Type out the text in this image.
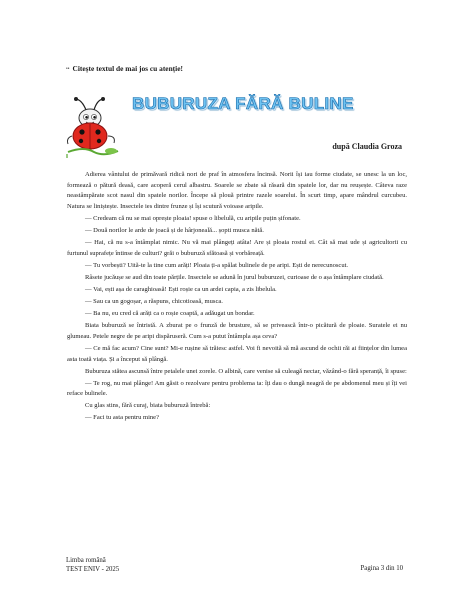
•• Citește textul de mai jos cu atenție!
BUBURUZA FĂRĂ BULINE
după Claudia Groza

Adierea vântului de primăvară ridică nori de praf în atmosfera încinsă. Norii își iau forme ciudate, se unesc la un loc, formează o pătură deasă, care acoperă cerul albastru. Soarele se zbate să răsară din spatele lor, dar nu reușește. Câteva raze neastâmpărate scot nasul din spatele norilor. Începe să plouă printre razele soarelui. În scurt timp, apare mândrul curcubeu. Natura se liniștește. Insectele ies dintre frunze și își scutură voioase aripile.

— Credeam că nu se mai oprește ploaia! spuse o libelulă, cu aripile puțin șifonate.

— Două norilor le arde de joacă și de hârjoneală... șopti musca nătă.

— Hai, că nu s-a întâmplat nimic. Nu vă mai plângeți atâta! Are și ploaia rostul ei. Cât să mai ude și agricultorii cu furtunul suprafețe întinse de culturi? grăi o buburuză sfătoasă și vorbăreață.

— Tu vorbești? Uită-te la tine cum arăți! Ploaia ți-a spălat bulinele de pe aripi. Ești de nerecunoscut.

Râsete jucăușe se aud din toate părțile. Insectele se adună în jurul buburuzei, curioase de o așa întâmplare ciudată.

— Vai, ești așa de caraghioasă! Ești roșie ca un ardei capia, a zis libelula.

— Sau ca un gogoșar, a răspuns, chicotioasă, musca.

— Ba nu, eu cred că arăți ca o roșie coaptă, a adăugat un bondar.

Biata buburuză se întristă. A zburat pe o frunză de brusture, să se privească într-o picătură de ploaie. Suratele ei nu glumeau. Petele negre de pe aripi dispăruseră. Cum s-a putut întâmpla așa ceva?

— Ce mă fac acum? Cine sunt? Mi-e rușine să trăiesc astfel. Voi fi nevoită să mă ascund de ochii răi ai ființelor din lumea asta toată viața. Și a început să plângă.

Buburuza stătea ascunsă între petalele unei zorele. O albină, care venise să culeagă nectar, văzând-o fără speranță, îi spuse:

— Te rog, nu mai plânge! Am găsit o rezolvare pentru problema ta: îți dau o dungă neagră de pe abdomenul meu și îți vei reface bulinele.

Cu glas stins, fără curaj, biata buburuză întrebă:

— Faci tu asta pentru mine?

Limba română
TEST ENIV - 2025	Pagina 3 din 10
